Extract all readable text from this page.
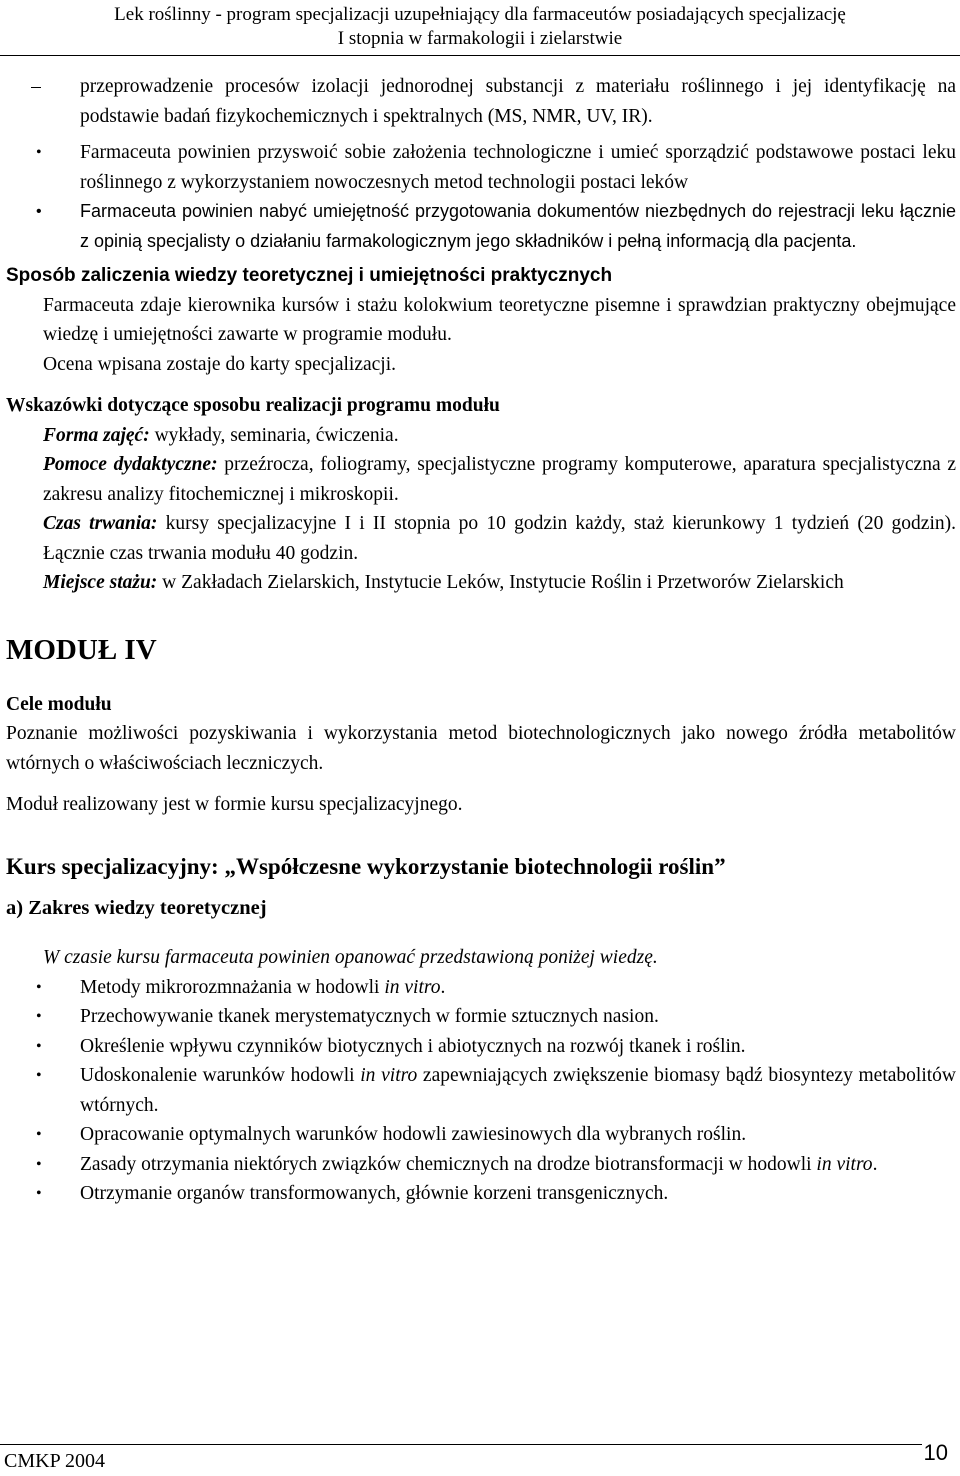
Lek roślinny - program specjalizacji uzupełniający dla farmaceutów posiadających specjalizację
I stopnia w farmakologii i zielarstwie

–	przeprowadzenie procesów izolacji jednorodnej substancji z materiału roślinnego i jej identyfikację na podstawie badań fizykochemicznych i spektralnych (MS, NMR, UV, IR).

• Farmaceuta powinien przyswoić sobie założenia technologiczne i umieć sporządzić podstawowe postaci leku roślinnego z wykorzystaniem nowoczesnych metod technologii postaci leków

• Farmaceuta powinien nabyć umiejętność przygotowania dokumentów niezbędnych do rejestracji leku łącznie z opinią specjalisty o działaniu farmakologicznym jego składników i pełną informacją dla pacjenta.

Sposób zaliczenia wiedzy teoretycznej i umiejętności praktycznych

Farmaceuta zdaje kierownika kursów i stażu kolokwium teoretyczne pisemne i sprawdzian praktyczny obejmujące wiedzę i umiejętności zawarte w programie modułu.

Ocena wpisana zostaje do karty specjalizacji.

Wskazówki dotyczące sposobu realizacji programu modułu

Forma zajęć: wykłady, seminaria, ćwiczenia.

Pomoce dydaktyczne: przeźrocza, foliogramy, specjalistyczne programy komputerowe, aparatura specjalistyczna z zakresu analizy fitochemicznej i mikroskopii.

Czas trwania: kursy specjalizacyjne I i II stopnia po 10 godzin każdy, staż kierunkowy 1 tydzień (20 godzin). Łącznie czas trwania modułu 40 godzin.

Miejsce stażu: w Zakładach Zielarskich, Instytucie Leków, Instytucie Roślin i Przetworów Zielarskich

MODUŁ IV

Cele modułu

Poznanie możliwości pozyskiwania i wykorzystania metod biotechnologicznych jako nowego źródła metabolitów wtórnych o właściwościach leczniczych.

Moduł realizowany jest w formie kursu specjalizacyjnego.

Kurs specjalizacyjny: „Współczesne wykorzystanie biotechnologii roślin”

a) Zakres wiedzy teoretycznej

W czasie kursu farmaceuta powinien opanować przedstawioną poniżej wiedzę.

• Metody mikrorozmnażania w hodowli in vitro.

• Przechowywanie tkanek merystematycznych w formie sztucznych nasion.

• Określenie wpływu czynników biotycznych i abiotycznych na rozwój tkanek i roślin.

• Udoskonalenie warunków hodowli in vitro zapewniających zwiększenie biomasy bądź biosyntezy metabolitów wtórnych.

• Opracowanie optymalnych warunków hodowli zawiesinowych dla wybranych roślin.

• Zasady otrzymania niektórych związków chemicznych na drodze biotransformacji w hodowli in vitro.

• Otrzymanie organów transformowanych, głównie korzeni transgenicznych.

CMKP 2004	10
